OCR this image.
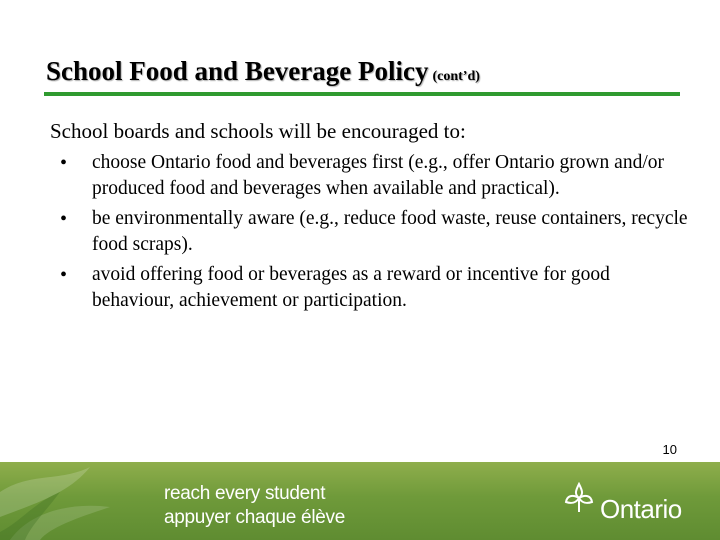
School Food and Beverage Policy (cont’d)
School boards and schools will be encouraged to:
• choose Ontario food and beverages first (e.g., offer Ontario grown and/or produced food and beverages when available and practical).
• be environmentally aware (e.g., reduce food waste, reuse containers, recycle food scraps).
• avoid offering food or beverages as a reward or incentive for good behaviour, achievement or participation.
10
reach every student
appuyer chaque élève	Ontario
